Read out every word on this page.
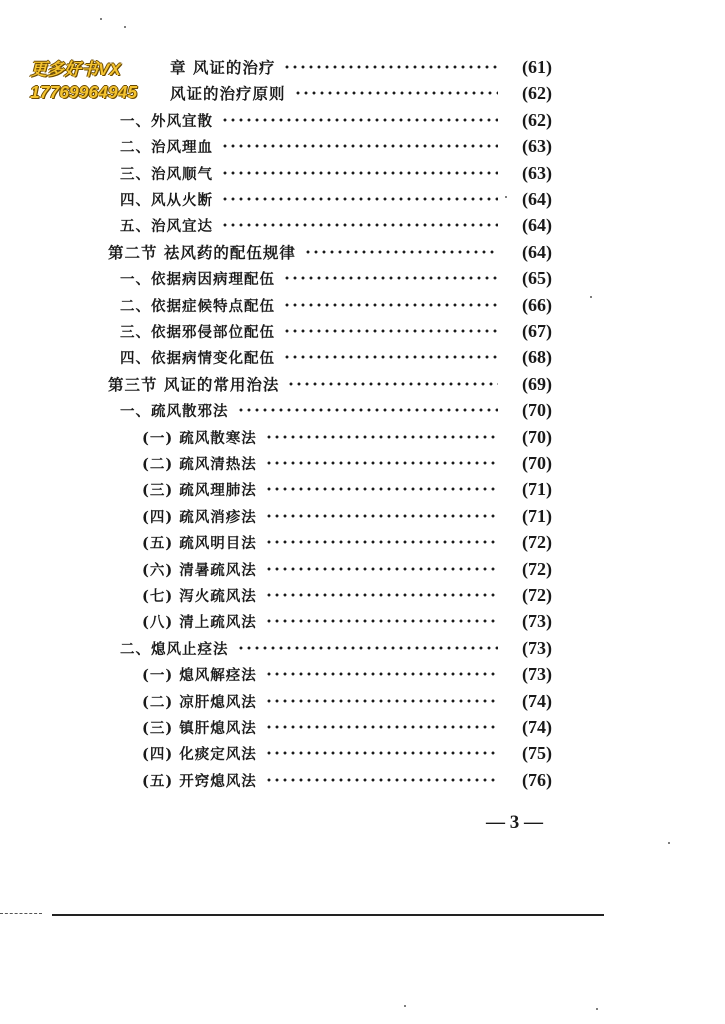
更多好书VX
17769964945
章 风证的治疗	(61)
风证的治疗原则	(62)
一、外风宜散	(62)
二、治风理血	(63)
三、治风顺气	(63)
四、风从火断	(64)
五、治风宜达	(64)
第二节 祛风药的配伍规律	(64)
一、依据病因病理配伍	(65)
二、依据症候特点配伍	(66)
三、依据邪侵部位配伍	(67)
四、依据病情变化配伍	(68)
第三节 风证的常用治法	(69)
一、疏风散邪法	(70)
(一) 疏风散寒法	(70)
(二) 疏风清热法	(70)
(三) 疏风理肺法	(71)
(四) 疏风消疹法	(71)
(五) 疏风明目法	(72)
(六) 清暑疏风法	(72)
(七) 泻火疏风法	(72)
(八) 清上疏风法	(73)
二、熄风止痉法	(73)
(一) 熄风解痉法	(73)
(二) 凉肝熄风法	(74)
(三) 镇肝熄风法	(74)
(四) 化痰定风法	(75)
(五) 开窍熄风法	(76)
— 3 —
